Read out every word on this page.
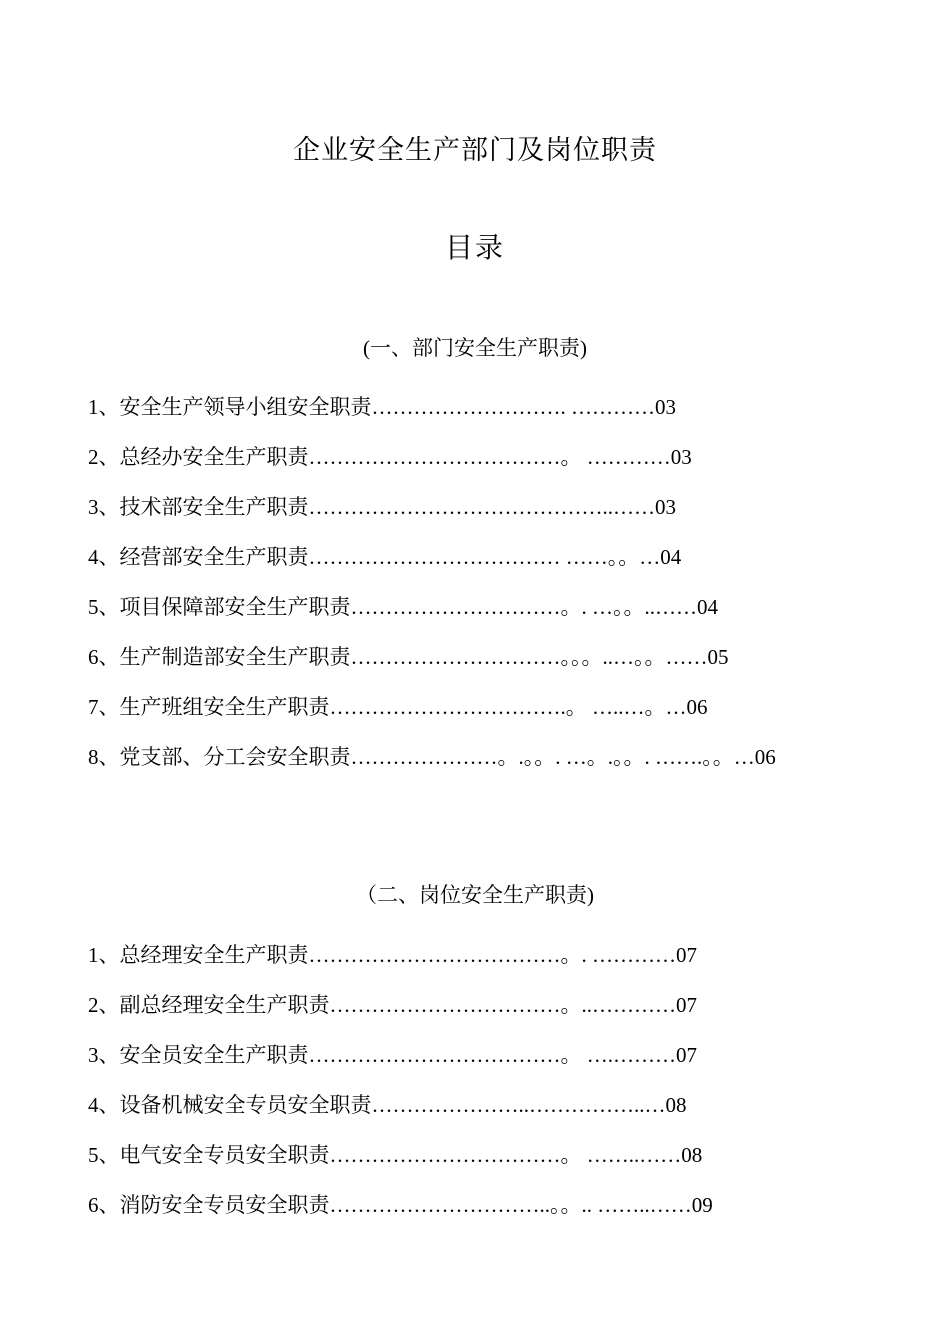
企业安全生产部门及岗位职责
目录
(一、部门安全生产职责)
1、安全生产领导小组安全职责………………………. …………03
2、总经办安全生产职责………………………………。 …………03
3、技术部安全生产职责……………………………………..……03
4、经营部安全生产职责……………………………… ……。。…04
5、项目保障部安全生产职责…………………………。. …。。..……04
6、生产制造部安全生产职责…………………………。。。..…。。……05
7、生产班组安全生产职责…………………………….。 …..…。…06
8、党支部、分工会安全职责…………………。.。。. …。.。。. …….。。…06
（二、岗位安全生产职责)
1、总经理安全生产职责………………………………。. …………07
2、副总经理安全生产职责……………………………。..…………07
3、安全员安全生产职责………………………………。 ….………07
4、设备机械安全专员安全职责…………………..……………..…08
5、电气安全专员安全职责……………………………。 ……..……08
6、消防安全专员安全职责…………………………..。。.. ……..……09
